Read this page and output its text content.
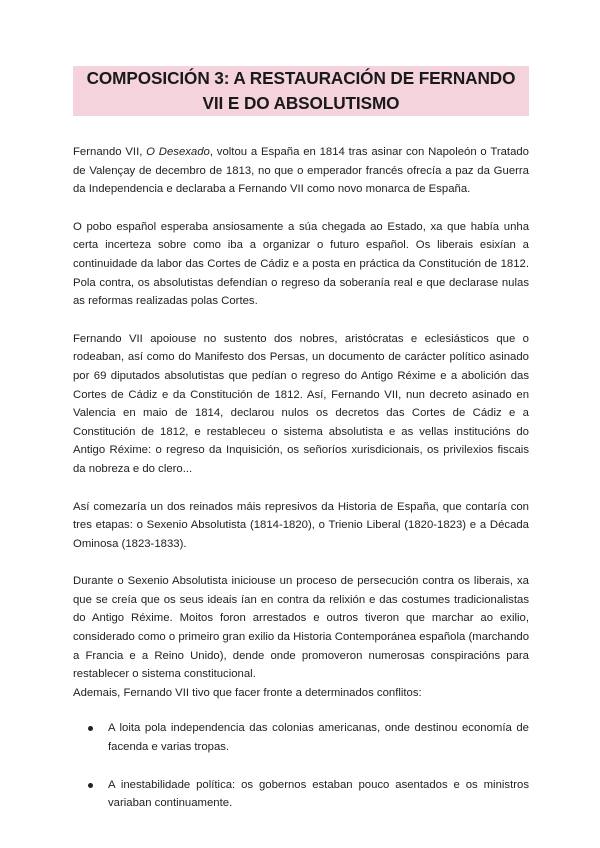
COMPOSICIÓN 3: A RESTAURACIÓN DE FERNANDO
VII E DO ABSOLUTISMO

Fernando VII, O Desexado, voltou a España en 1814 tras asinar con Napoleón o Tratado de Valençay de decembro de 1813, no que o emperador francés ofrecía a paz da Guerra da Independencia e declaraba a Fernando VII como novo monarca de España.

O pobo español esperaba ansiosamente a súa chegada ao Estado, xa que había unha certa incerteza sobre como iba a organizar o futuro español. Os liberais esixían a continuidade da labor das Cortes de Cádiz e a posta en práctica da Constitución de 1812. Pola contra, os absolutistas defendían o regreso da soberanía real e que declarase nulas as reformas realizadas polas Cortes.

Fernando VII apoiouse no sustento dos nobres, aristócratas e eclesiásticos que o rodeaban, así como do Manifesto dos Persas, un documento de carácter político asinado por 69 diputados absolutistas que pedían o regreso do Antigo Réxime e a abolición das Cortes de Cádiz e da Constitución de 1812. Así, Fernando VII, nun decreto asinado en Valencia en maio de 1814, declarou nulos os decretos das Cortes de Cádiz e a Constitución de 1812, e restableceu o sistema absolutista e as vellas institucións do Antigo Réxime: o regreso da Inquisición, os señoríos xurisdicionais, os privilexios fiscais da nobreza e do clero...

Así comezaría un dos reinados máis represivos da Historia de España, que contaría con tres etapas: o Sexenio Absolutista (1814-1820), o Trienio Liberal (1820-1823) e a Década Ominosa (1823-1833).

Durante o Sexenio Absolutista iniciouse un proceso de persecución contra os liberais, xa que se creía que os seus ideais ían en contra da relixión e das costumes tradicionalistas do Antigo Réxime. Moitos foron arrestados e outros tiveron que marchar ao exilio, considerado como o primeiro gran exilio da Historia Contemporánea española (marchando a Francia e a Reino Unido), dende onde promoveron numerosas conspiracións para restablecer o sistema constitucional.

Ademais, Fernando VII tivo que facer fronte a determinados conflitos:

A loita pola independencia das colonias americanas, onde destinou economía de facenda e varias tropas.
A inestabilidade política: os gobernos estaban pouco asentados e os ministros variaban continuamente.
